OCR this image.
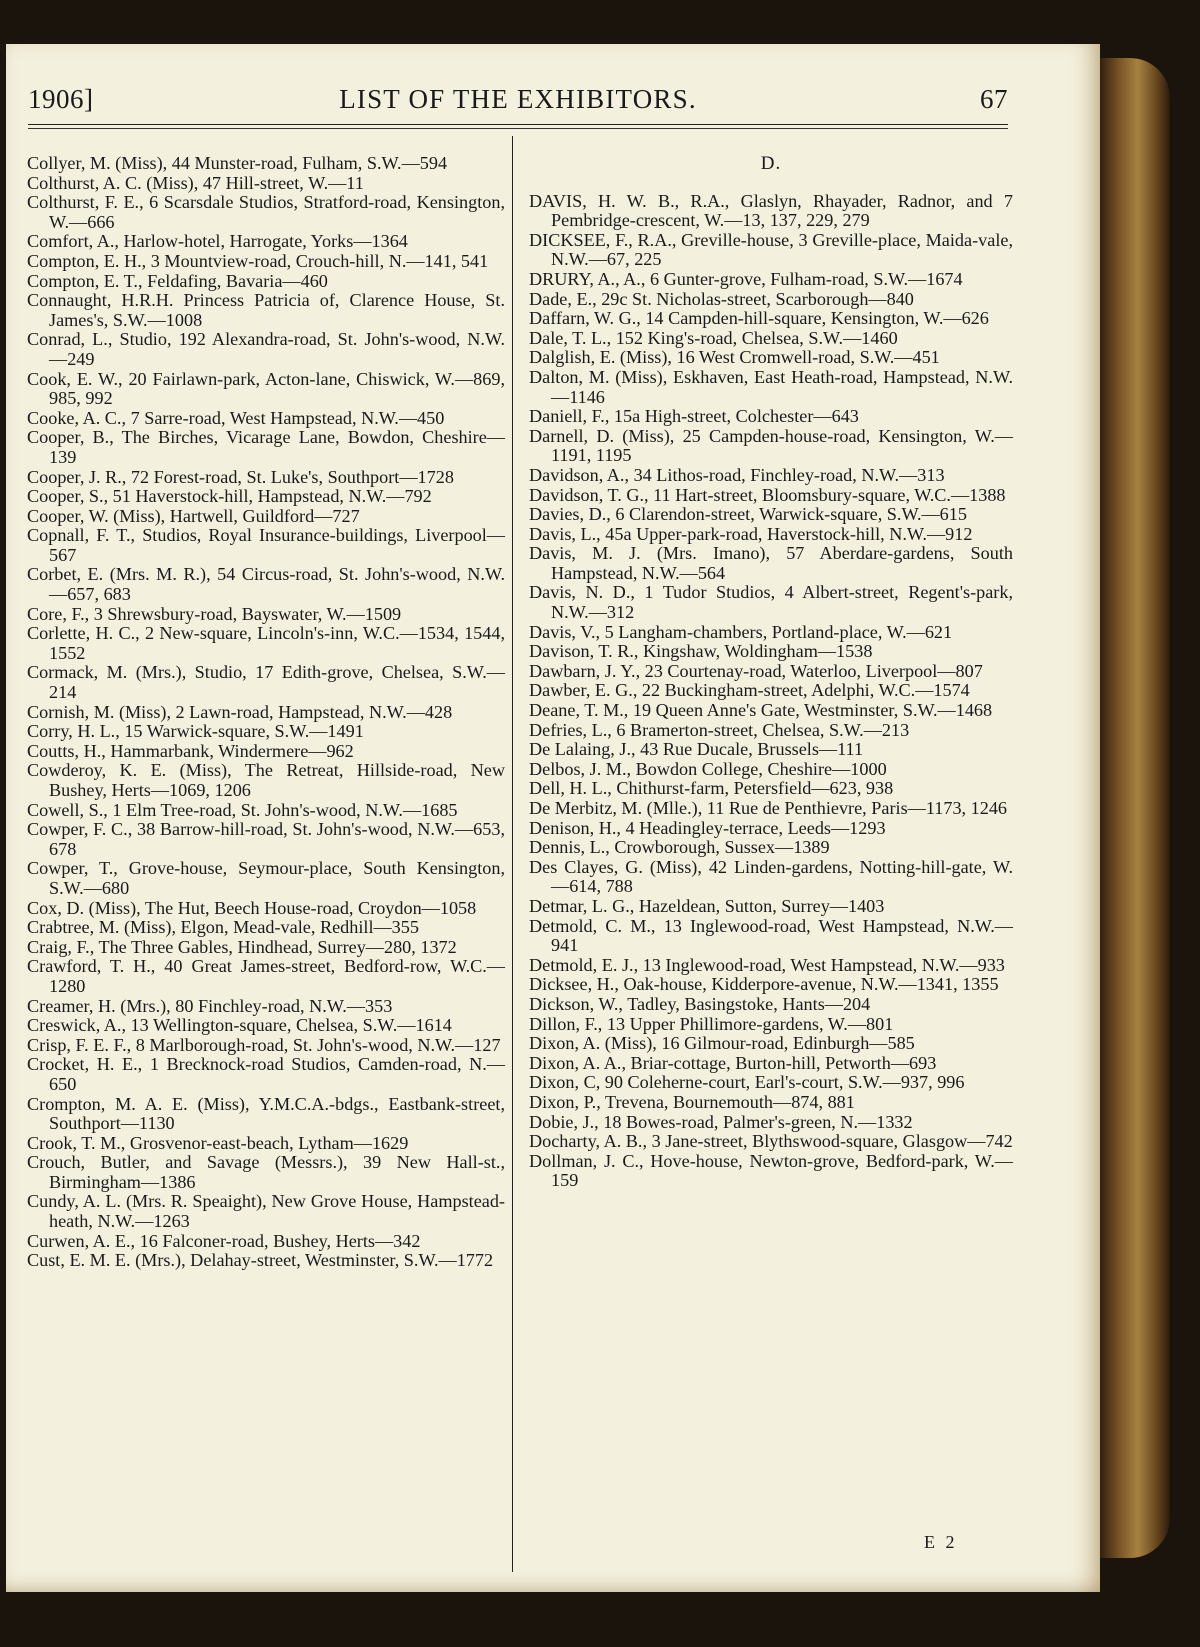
1906]	LIST OF THE EXHIBITORS.	67

Collyer, M. (Miss), 44 Munster-road, Fulham, S.W.—594

Colthurst, A. C. (Miss), 47 Hill-street, W.—11

Colthurst, F. E., 6 Scarsdale Studios, Stratford-road, Kensington, W.—666

Comfort, A., Harlow-hotel, Harrogate, Yorks—1364

Compton, E. H., 3 Mountview-road, Crouch-hill, N.—141, 541

Compton, E. T., Feldafing, Bavaria—460

Connaught, H.R.H. Princess Patricia of, Clarence House, St. James's, S.W.—1008

Conrad, L., Studio, 192 Alexandra-road, St. John's-wood, N.W.—249

Cook, E. W., 20 Fairlawn-park, Acton-lane, Chiswick, W.—869, 985, 992

Cooke, A. C., 7 Sarre-road, West Hampstead, N.W.—450

Cooper, B., The Birches, Vicarage Lane, Bowdon, Cheshire—139

Cooper, J. R., 72 Forest-road, St. Luke's, Southport—1728

Cooper, S., 51 Haverstock-hill, Hampstead, N.W.—792

Cooper, W. (Miss), Hartwell, Guildford—727

Copnall, F. T., Studios, Royal Insurance-buildings, Liverpool—567

Corbet, E. (Mrs. M. R.), 54 Circus-road, St. John's-wood, N.W.—657, 683

Core, F., 3 Shrewsbury-road, Bayswater, W.—1509

Corlette, H. C., 2 New-square, Lincoln's-inn, W.C.—1534, 1544, 1552

Cormack, M. (Mrs.), Studio, 17 Edith-grove, Chelsea, S.W.—214

Cornish, M. (Miss), 2 Lawn-road, Hampstead, N.W.—428

Corry, H. L., 15 Warwick-square, S.W.—1491

Coutts, H., Hammarbank, Windermere—962

Cowderoy, K. E. (Miss), The Retreat, Hillside-road, New Bushey, Herts—1069, 1206

Cowell, S., 1 Elm Tree-road, St. John's-wood, N.W.—1685

Cowper, F. C., 38 Barrow-hill-road, St. John's-wood, N.W.—653, 678

Cowper, T., Grove-house, Seymour-place, South Kensington, S.W.—680

Cox, D. (Miss), The Hut, Beech House-road, Croydon—1058

Crabtree, M. (Miss), Elgon, Mead-vale, Redhill—355

Craig, F., The Three Gables, Hindhead, Surrey—280, 1372

Crawford, T. H., 40 Great James-street, Bedford-row, W.C.—1280

Creamer, H. (Mrs.), 80 Finchley-road, N.W.—353

Creswick, A., 13 Wellington-square, Chelsea, S.W.—1614

Crisp, F. E. F., 8 Marlborough-road, St. John's-wood, N.W.—127

Crocket, H. E., 1 Brecknock-road Studios, Camden-road, N.—650

Crompton, M. A. E. (Miss), Y.M.C.A.-bdgs., Eastbank-street, Southport—1130

Crook, T. M., Grosvenor-east-beach, Lytham—1629

Crouch, Butler, and Savage (Messrs.), 39 New Hall-st., Birmingham—1386

Cundy, A. L. (Mrs. R. Speaight), New Grove House, Hampstead-heath, N.W.—1263

Curwen, A. E., 16 Falconer-road, Bushey, Herts—342

Cust, E. M. E. (Mrs.), Delahay-street, Westminster, S.W.—1772

D.

DAVIS, H. W. B., R.A., Glaslyn, Rhayader, Radnor, and 7 Pembridge-crescent, W.—13, 137, 229, 279

DICKSEE, F., R.A., Greville-house, 3 Greville-place, Maida-vale, N.W.—67, 225

DRURY, A., A., 6 Gunter-grove, Fulham-road, S.W.—1674

Dade, E., 29c St. Nicholas-street, Scarborough—840

Daffarn, W. G., 14 Campden-hill-square, Kensington, W.—626

Dale, T. L., 152 King's-road, Chelsea, S.W.—1460

Dalglish, E. (Miss), 16 West Cromwell-road, S.W.—451

Dalton, M. (Miss), Eskhaven, East Heath-road, Hampstead, N.W.—1146

Daniell, F., 15a High-street, Colchester—643

Darnell, D. (Miss), 25 Campden-house-road, Kensington, W.—1191, 1195

Davidson, A., 34 Lithos-road, Finchley-road, N.W.—313

Davidson, T. G., 11 Hart-street, Bloomsbury-square, W.C.—1388

Davies, D., 6 Clarendon-street, Warwick-square, S.W.—615

Davis, L., 45a Upper-park-road, Haverstock-hill, N.W.—912

Davis, M. J. (Mrs. Imano), 57 Aberdare-gardens, South Hampstead, N.W.—564

Davis, N. D., 1 Tudor Studios, 4 Albert-street, Regent's-park, N.W.—312

Davis, V., 5 Langham-chambers, Portland-place, W.—621

Davison, T. R., Kingshaw, Woldingham—1538

Dawbarn, J. Y., 23 Courtenay-road, Waterloo, Liverpool—807

Dawber, E. G., 22 Buckingham-street, Adelphi, W.C.—1574

Deane, T. M., 19 Queen Anne's Gate, Westminster, S.W.—1468

Defries, L., 6 Bramerton-street, Chelsea, S.W.—213

De Lalaing, J., 43 Rue Ducale, Brussels—111

Delbos, J. M., Bowdon College, Cheshire—1000

Dell, H. L., Chithurst-farm, Petersfield—623, 938

De Merbitz, M. (Mlle.), 11 Rue de Penthievre, Paris—1173, 1246

Denison, H., 4 Headingley-terrace, Leeds—1293

Dennis, L., Crowborough, Sussex—1389

Des Clayes, G. (Miss), 42 Linden-gardens, Notting-hill-gate, W.—614, 788

Detmar, L. G., Hazeldean, Sutton, Surrey—1403

Detmold, C. M., 13 Inglewood-road, West Hampstead, N.W.—941

Detmold, E. J., 13 Inglewood-road, West Hampstead, N.W.—933

Dicksee, H., Oak-house, Kidderpore-avenue, N.W.—1341, 1355

Dickson, W., Tadley, Basingstoke, Hants—204

Dillon, F., 13 Upper Phillimore-gardens, W.—801

Dixon, A. (Miss), 16 Gilmour-road, Edinburgh—585

Dixon, A. A., Briar-cottage, Burton-hill, Petworth—693

Dixon, C, 90 Coleherne-court, Earl's-court, S.W.—937, 996

Dixon, P., Trevena, Bournemouth—874, 881

Dobie, J., 18 Bowes-road, Palmer's-green, N.—1332

Docharty, A. B., 3 Jane-street, Blythswood-square, Glasgow—742

Dollman, J. C., Hove-house, Newton-grove, Bedford-park, W.—159

E 2
